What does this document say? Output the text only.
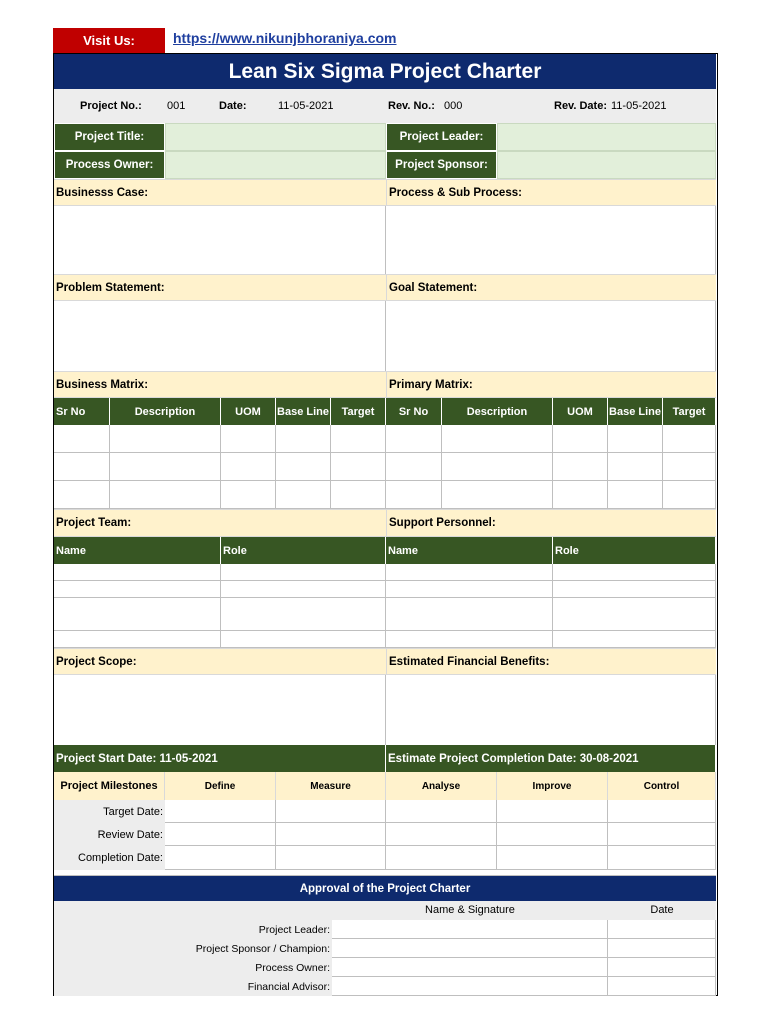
Visit Us:	https://www.nikunjbhoraniya.com
Lean Six Sigma Project Charter
Project No.: 001	Date:	11-05-2021	Rev. No.: 000	Rev. Date: 11-05-2021
Project Title:	Project Leader:
Process Owner:	Project Sponsor:
Businesss Case:	Process & Sub Process:
Problem Statement:	Goal Statement:
Business Matrix:	Primary Matrix:
Sr No	Description	UOM	Base Line	Target	Sr No	Description	UOM	Base Line	Target
Project Team:	Support Personnel:
Name	Role	Name	Role
Project Scope:	Estimated Financial Benefits:
Project Start Date: 11-05-2021	Estimate Project Completion Date: 30-08-2021
Project Milestones	Define	Measure	Analyse	Improve	Control
Target Date:
Review Date:
Completion Date:
Approval of the Project Charter
Name & Signature	Date
Project Leader:
Project Sponsor / Champion:
Process Owner:
Financial Advisor:
